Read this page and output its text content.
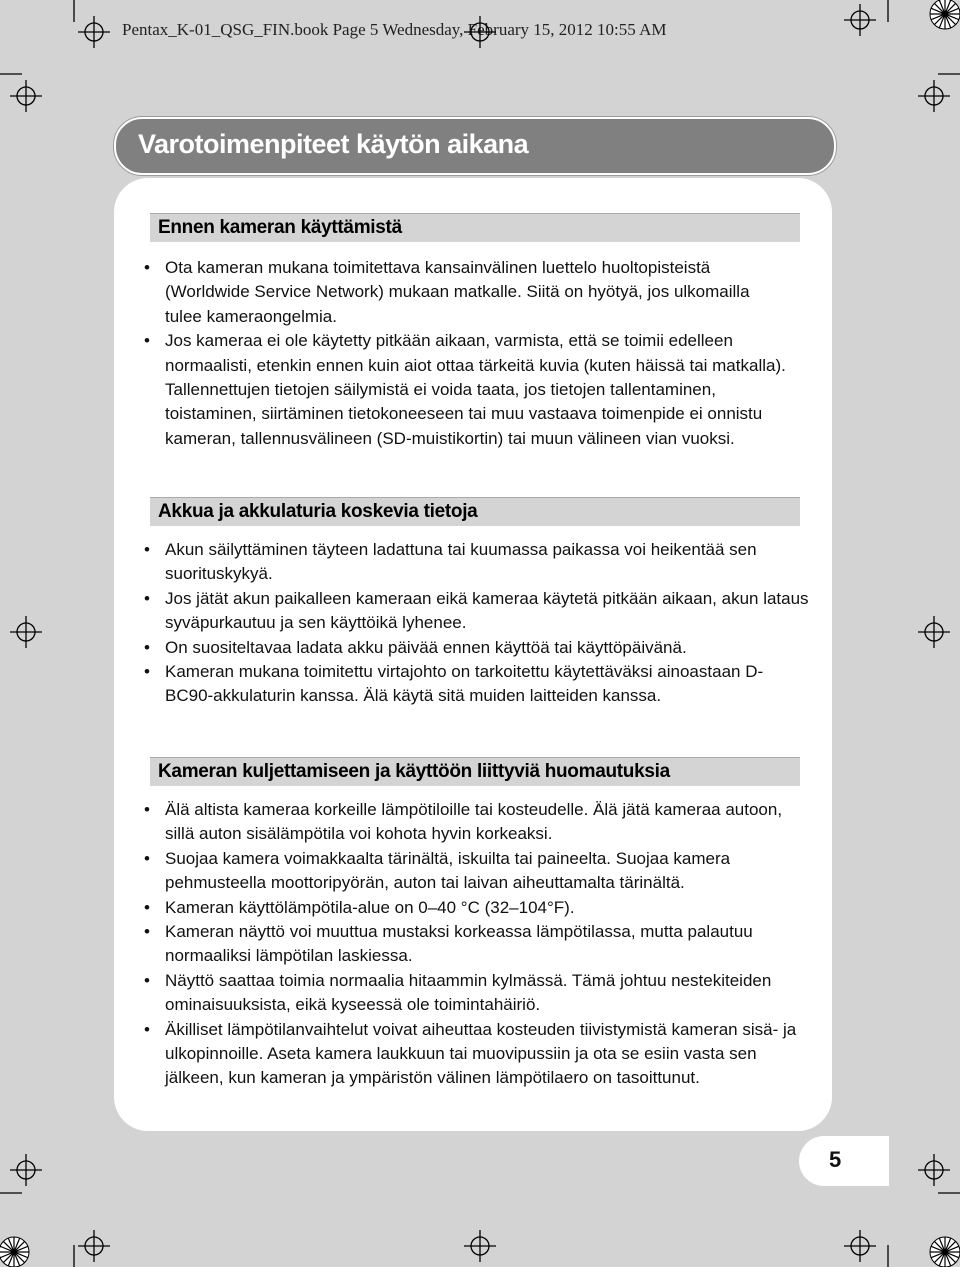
Pentax_K-01_QSG_FIN.book Page 5 Wednesday, February 15, 2012 10:55 AM
Varotoimenpiteet käytön aikana
Ennen kameran käyttämistä
• Ota kameran mukana toimitettava kansainvälinen luettelo huoltopisteistä (Worldwide Service Network) mukaan matkalle. Siitä on hyötyä, jos ulkomailla tulee kameraongelmia.
• Jos kameraa ei ole käytetty pitkään aikaan, varmista, että se toimii edelleen normaalisti, etenkin ennen kuin aiot ottaa tärkeitä kuvia (kuten häissä tai matkalla). Tallennettujen tietojen säilymistä ei voida taata, jos tietojen tallentaminen, toistaminen, siirtäminen tietokoneeseen tai muu vastaava toimenpide ei onnistu kameran, tallennusvälineen (SD-muistikortin) tai muun välineen vian vuoksi.
Akkua ja akkulaturia koskevia tietoja
• Akun säilyttäminen täyteen ladattuna tai kuumassa paikassa voi heikentää sen suorituskykyä.
• Jos jätät akun paikalleen kameraan eikä kameraa käytetä pitkään aikaan, akun lataus syväpurkautuu ja sen käyttöikä lyhenee.
• On suositeltavaa ladata akku päivää ennen käyttöä tai käyttöpäivänä.
• Kameran mukana toimitettu virtajohto on tarkoitettu käytettäväksi ainoastaan D-BC90-akkulaturin kanssa. Älä käytä sitä muiden laitteiden kanssa.
Kameran kuljettamiseen ja käyttöön liittyviä huomautuksia
• Älä altista kameraa korkeille lämpötiloille tai kosteudelle. Älä jätä kameraa autoon, sillä auton sisälämpötila voi kohota hyvin korkeaksi.
• Suojaa kamera voimakkaalta tärinältä, iskuilta tai paineelta. Suojaa kamera pehmusteella moottoripyörän, auton tai laivan aiheuttamalta tärinältä.
• Kameran käyttölämpötila-alue on 0–40 °C (32–104°F).
• Kameran näyttö voi muuttua mustaksi korkeassa lämpötilassa, mutta palautuu normaaliksi lämpötilan laskiessa.
• Näyttö saattaa toimia normaalia hitaammin kylmässä. Tämä johtuu nestekiteiden ominaisuuksista, eikä kyseessä ole toimintahäiriö.
• Äkilliset lämpötilanvaihtelut voivat aiheuttaa kosteuden tiivistymistä kameran sisä- ja ulkopinnoille. Aseta kamera laukkuun tai muovipussiin ja ota se esiin vasta sen jälkeen, kun kameran ja ympäristön välinen lämpötilaero on tasoittunut.
5
